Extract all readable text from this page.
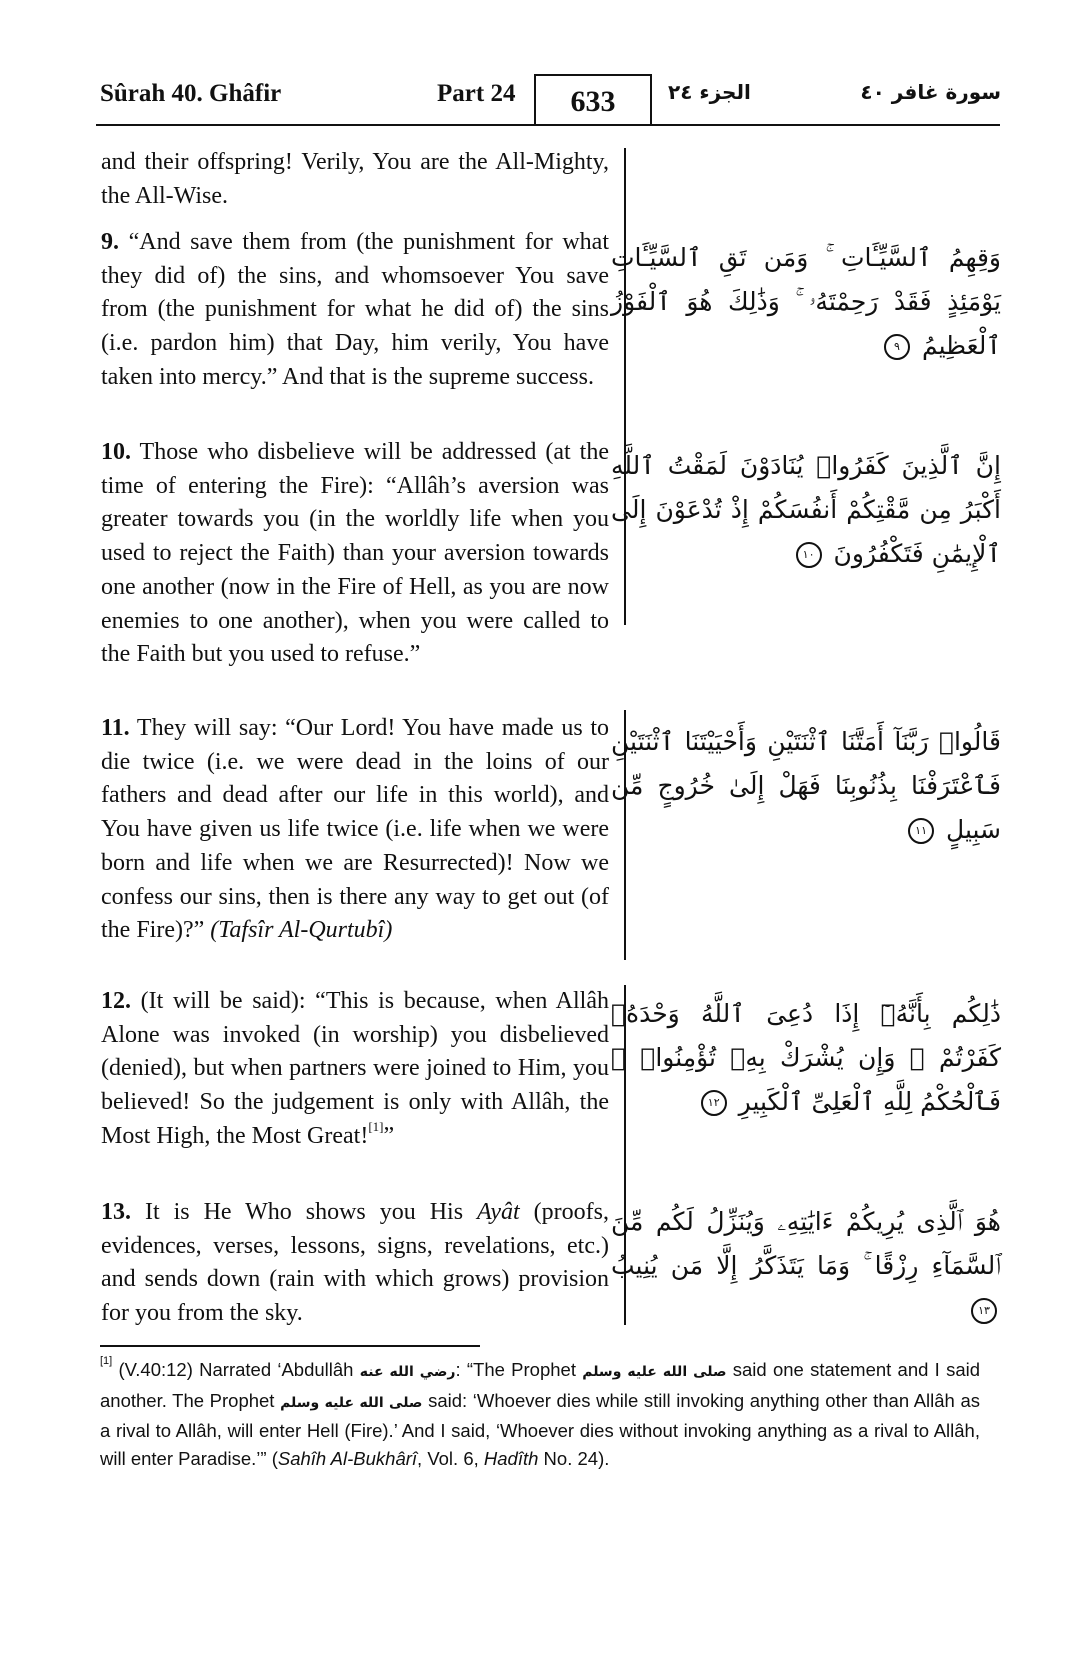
Sûrah 40. Ghâfir	Part 24	633	الجزء ٢٤	سورة غافر ٤٠

and their offspring! Verily, You are the All-Mighty, the All-Wise.

9. “And save them from (the punishment for what they did of) the sins, and whomsoever You save from (the punishment for what he did of) the sins (i.e. pardon him) that Day, him verily, You have taken into mercy.” And that is the supreme success.

وَقِهِمُ ٱلسَّيِّـَٔاتِ ۚ وَمَن تَقِ ٱلسَّيِّـَٔاتِ يَوْمَئِذٍ فَقَدْ رَحِمْتَهُۥ ۚ وَذَٰلِكَ هُوَ ٱلْفَوْزُ ٱلْعَظِيمُ ٩

10. Those who disbelieve will be addressed (at the time of entering the Fire): “Allâh’s aversion was greater towards you (in the worldly life when you used to reject the Faith) than your aversion towards one another (now in the Fire of Hell, as you are now enemies to one another), when you were called to the Faith but you used to refuse.”

إِنَّ ٱلَّذِينَ كَفَرُوا۟ يُنَادَوْنَ لَمَقْتُ ٱللَّهِ أَكْبَرُ مِن مَّقْتِكُمْ أَنفُسَكُمْ إِذْ تُدْعَوْنَ إِلَى ٱلْإِيمَٰنِ فَتَكْفُرُونَ ١٠

11. They will say: “Our Lord! You have made us to die twice (i.e. we were dead in the loins of our fathers and dead after our life in this world), and You have given us life twice (i.e. life when we were born and life when we are Resurrected)! Now we confess our sins, then is there any way to get out (of the Fire)?” (Tafsîr Al-Qurtubî)

قَالُوا۟ رَبَّنَآ أَمَتَّنَا ٱثْنَتَيْنِ وَأَحْيَيْتَنَا ٱثْنَتَيْنِ فَٱعْتَرَفْنَا بِذُنُوبِنَا فَهَلْ إِلَىٰ خُرُوجٍ مِّن سَبِيلٍ ١١

12. (It will be said): “This is because, when Allâh Alone was invoked (in worship) you disbelieved (denied), but when partners were joined to Him, you believed! So the judgement is only with Allâh, the Most High, the Most Great![1]”

ذَٰلِكُم بِأَنَّهُۥٓ إِذَا دُعِىَ ٱللَّهُ وَحْدَهُۥ كَفَرْتُمْ ۖ وَإِن يُشْرَكْ بِهِۦ تُؤْمِنُوا۟ ۚ فَٱلْحُكْمُ لِلَّهِ ٱلْعَلِىِّ ٱلْكَبِيرِ ١٢

13. It is He Who shows you His Ayât (proofs, evidences, verses, lessons, signs, revelations, etc.) and sends down (rain with which grows) provision for you from the sky.

هُوَ ٱلَّذِى يُرِيكُمْ ءَايَٰتِهِۦ وَيُنَزِّلُ لَكُم مِّنَ ٱلسَّمَآءِ رِزْقًا ۚ وَمَا يَتَذَكَّرُ إِلَّا مَن يُنِيبُ ١٣

[1] (V.40:12) Narrated ‘Abdullâh رضي الله عنه: “The Prophet صلى الله عليه وسلم said one statement and I said another. The Prophet صلى الله عليه وسلم said: ‘Whoever dies while still invoking anything other than Allâh as a rival to Allâh, will enter Hell (Fire).’ And I said, ‘Whoever dies without invoking anything as a rival to Allâh, will enter Paradise.’” (Sahîh Al-Bukhârî, Vol. 6, Hadîth No. 24).
